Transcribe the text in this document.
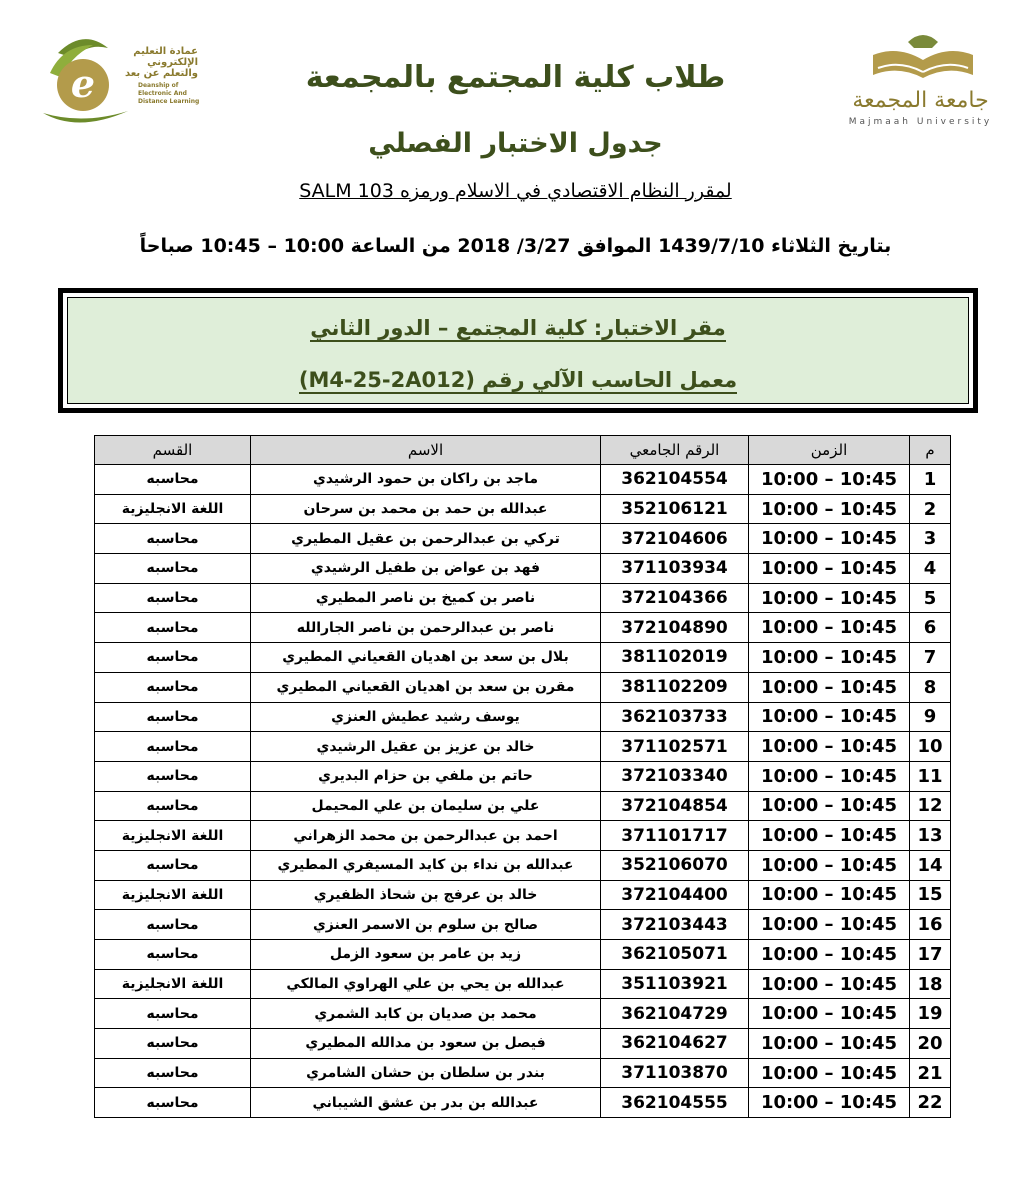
e
عمادة التعليم الإلكتروني والتعلم عن بعد
Deanship of Electronic And Distance Learning	جامعة المجمعة
Majmaah University
طلاب كلية المجتمع بالمجمعة
جدول الاختبار الفصلي
لمقرر النظام الاقتصادي في الاسلام ورمزه SALM 103
بتاريخ الثلاثاء 1439/7/10 الموافق 3/27/ 2018 من الساعة 10:00 – 10:45 صباحاً
مقر الاختبار: كلية المجتمع – الدور الثاني
معمل الحاسب الآلي رقم (M4-25-2A012)
م	الزمن	الرقم الجامعي	الاسم	القسم
1	10:00 – 10:45	362104554	ماجد بن راكان بن حمود الرشيدي	محاسبه
2	10:00 – 10:45	352106121	عبدالله بن حمد بن محمد بن سرحان	اللغة الانجليزية
3	10:00 – 10:45	372104606	تركي بن عبدالرحمن بن عقيل المطيري	محاسبه
4	10:00 – 10:45	371103934	فهد بن عواض بن طفيل الرشيدي	محاسبه
5	10:00 – 10:45	372104366	ناصر بن كميخ بن ناصر المطيري	محاسبه
6	10:00 – 10:45	372104890	ناصر بن عبدالرحمن بن ناصر الجارالله	محاسبه
7	10:00 – 10:45	381102019	بلال بن سعد بن اهديان القعياني المطيري	محاسبه
8	10:00 – 10:45	381102209	مقرن بن سعد بن اهديان القعياني المطيري	محاسبه
9	10:00 – 10:45	362103733	يوسف رشيد عطيش العنزي	محاسبه
10	10:00 – 10:45	371102571	خالد بن عزيز بن عقيل الرشيدي	محاسبه
11	10:00 – 10:45	372103340	حاتم بن ملفي بن حزام البديري	محاسبه
12	10:00 – 10:45	372104854	علي بن سليمان بن علي المحيمل	محاسبه
13	10:00 – 10:45	371101717	احمد بن عبدالرحمن بن محمد الزهراني	اللغة الانجليزية
14	10:00 – 10:45	352106070	عبدالله بن نداء بن كايد المسيفري المطيري	محاسبه
15	10:00 – 10:45	372104400	خالد بن عرفج بن شحاذ الظفيري	اللغة الانجليزية
16	10:00 – 10:45	372103443	صالح بن سلوم بن الاسمر العنزي	محاسبه
17	10:00 – 10:45	362105071	زيد بن عامر بن سعود الزمل	محاسبه
18	10:00 – 10:45	351103921	عبدالله بن يحي بن علي الهراوي المالكي	اللغة الانجليزية
19	10:00 – 10:45	362104729	محمد بن صديان بن كابد الشمري	محاسبه
20	10:00 – 10:45	362104627	فيصل بن سعود بن مدالله المطيري	محاسبه
21	10:00 – 10:45	371103870	بندر بن سلطان بن حشان الشامري	محاسبه
22	10:00 – 10:45	362104555	عبدالله بن بدر بن عشق الشيباني	محاسبه
